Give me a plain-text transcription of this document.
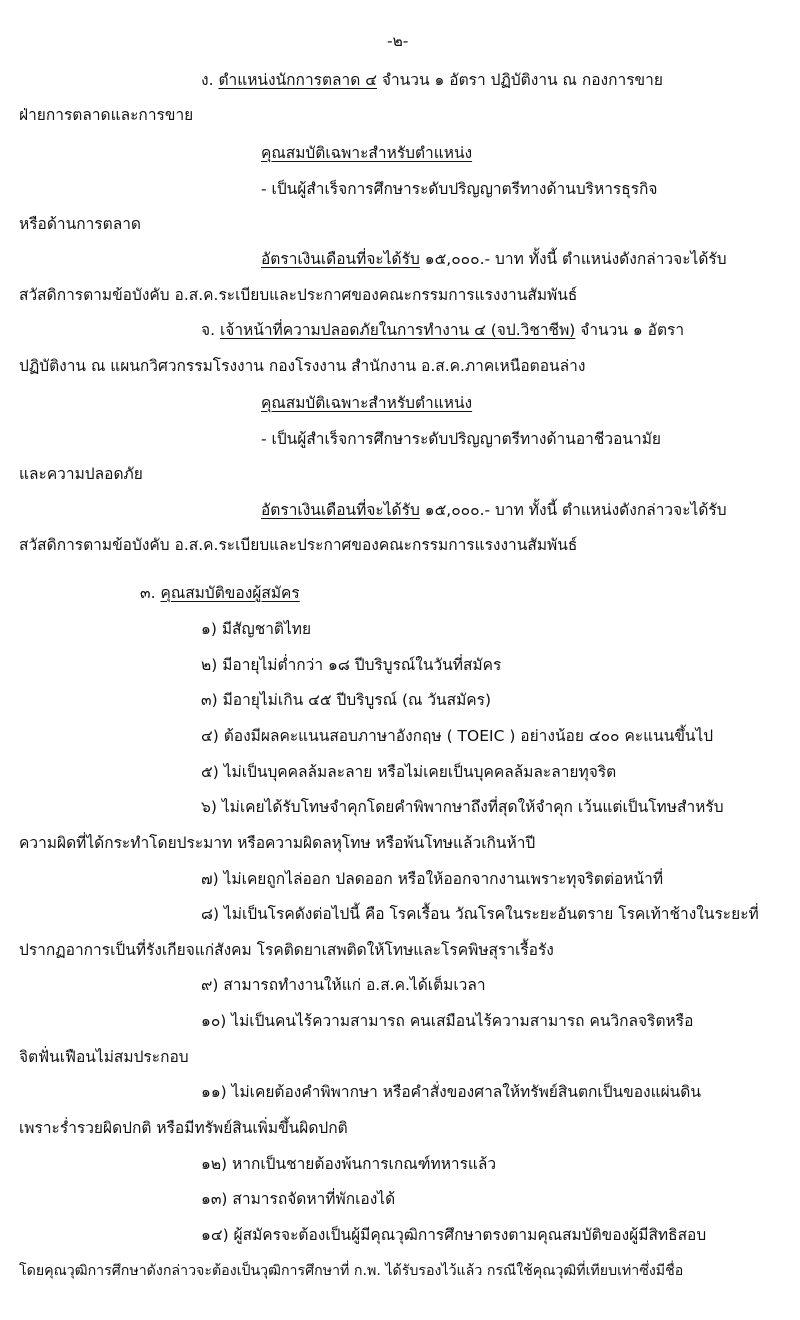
-๒-
ง. ตำแหน่งนักการตลาด ๔ จำนวน ๑ อัตรา ปฏิบัติงาน ณ กองการขาย
ฝ่ายการตลาดและการขาย
คุณสมบัติเฉพาะสำหรับตำแหน่ง
- เป็นผู้สำเร็จการศึกษาระดับปริญญาตรีทางด้านบริหารธุรกิจ
หรือด้านการตลาด
อัตราเงินเดือนที่จะได้รับ ๑๕,๐๐๐.- บาท ทั้งนี้ ตำแหน่งดังกล่าวจะได้รับ
สวัสดิการตามข้อบังคับ อ.ส.ค.ระเบียบและประกาศของคณะกรรมการแรงงานสัมพันธ์
จ. เจ้าหน้าที่ความปลอดภัยในการทำงาน ๔ (จป.วิชาชีพ) จำนวน ๑ อัตรา
ปฏิบัติงาน ณ แผนกวิศวกรรมโรงงาน กองโรงงาน สำนักงาน อ.ส.ค.ภาคเหนือตอนล่าง
คุณสมบัติเฉพาะสำหรับตำแหน่ง
- เป็นผู้สำเร็จการศึกษาระดับปริญญาตรีทางด้านอาชีวอนามัย
และความปลอดภัย
อัตราเงินเดือนที่จะได้รับ ๑๕,๐๐๐.- บาท ทั้งนี้ ตำแหน่งดังกล่าวจะได้รับ
สวัสดิการตามข้อบังคับ อ.ส.ค.ระเบียบและประกาศของคณะกรรมการแรงงานสัมพันธ์
๓. คุณสมบัติของผู้สมัคร
๑) มีสัญชาติไทย
๒) มีอายุไม่ต่ำกว่า ๑๘ ปีบริบูรณ์ในวันที่สมัคร
๓) มีอายุไม่เกิน ๔๕ ปีบริบูรณ์ (ณ วันสมัคร)
๔) ต้องมีผลคะแนนสอบภาษาอังกฤษ ( TOEIC ) อย่างน้อย ๔๐๐ คะแนนขึ้นไป
๕) ไม่เป็นบุคคลล้มละลาย หรือไม่เคยเป็นบุคคลล้มละลายทุจริต
๖) ไม่เคยได้รับโทษจำคุกโดยคำพิพากษาถึงที่สุดให้จำคุก เว้นแต่เป็นโทษสำหรับ
ความผิดที่ได้กระทำโดยประมาท หรือความผิดลหุโทษ หรือพ้นโทษแล้วเกินห้าปี
๗) ไม่เคยถูกไล่ออก ปลดออก หรือให้ออกจากงานเพราะทุจริตต่อหน้าที่
๘) ไม่เป็นโรคดังต่อไปนี้ คือ โรคเรื้อน วัณโรคในระยะอันตราย โรคเท้าช้างในระยะที่
ปรากฏอาการเป็นที่รังเกียจแก่สังคม โรคติดยาเสพติดให้โทษและโรคพิษสุราเรื้อรัง
๙) สามารถทำงานให้แก่ อ.ส.ค.ได้เต็มเวลา
๑๐) ไม่เป็นคนไร้ความสามารถ คนเสมือนไร้ความสามารถ คนวิกลจริตหรือ
จิตฟั่นเฟือนไม่สมประกอบ
๑๑) ไม่เคยต้องคำพิพากษา หรือคำสั่งของศาลให้ทรัพย์สินตกเป็นของแผ่นดิน
เพราะร่ำรวยผิดปกติ หรือมีทรัพย์สินเพิ่มขึ้นผิดปกติ
๑๒) หากเป็นชายต้องพ้นการเกณฑ์ทหารแล้ว
๑๓) สามารถจัดหาที่พักเองได้
๑๔) ผู้สมัครจะต้องเป็นผู้มีคุณวุฒิการศึกษาตรงตามคุณสมบัติของผู้มีสิทธิสอบ
โดยคุณวุฒิการศึกษาดังกล่าวจะต้องเป็นวุฒิการศึกษาที่ ก.พ. ได้รับรองไว้แล้ว กรณีใช้คุณวุฒิที่เทียบเท่าซึ่งมีชื่อ
